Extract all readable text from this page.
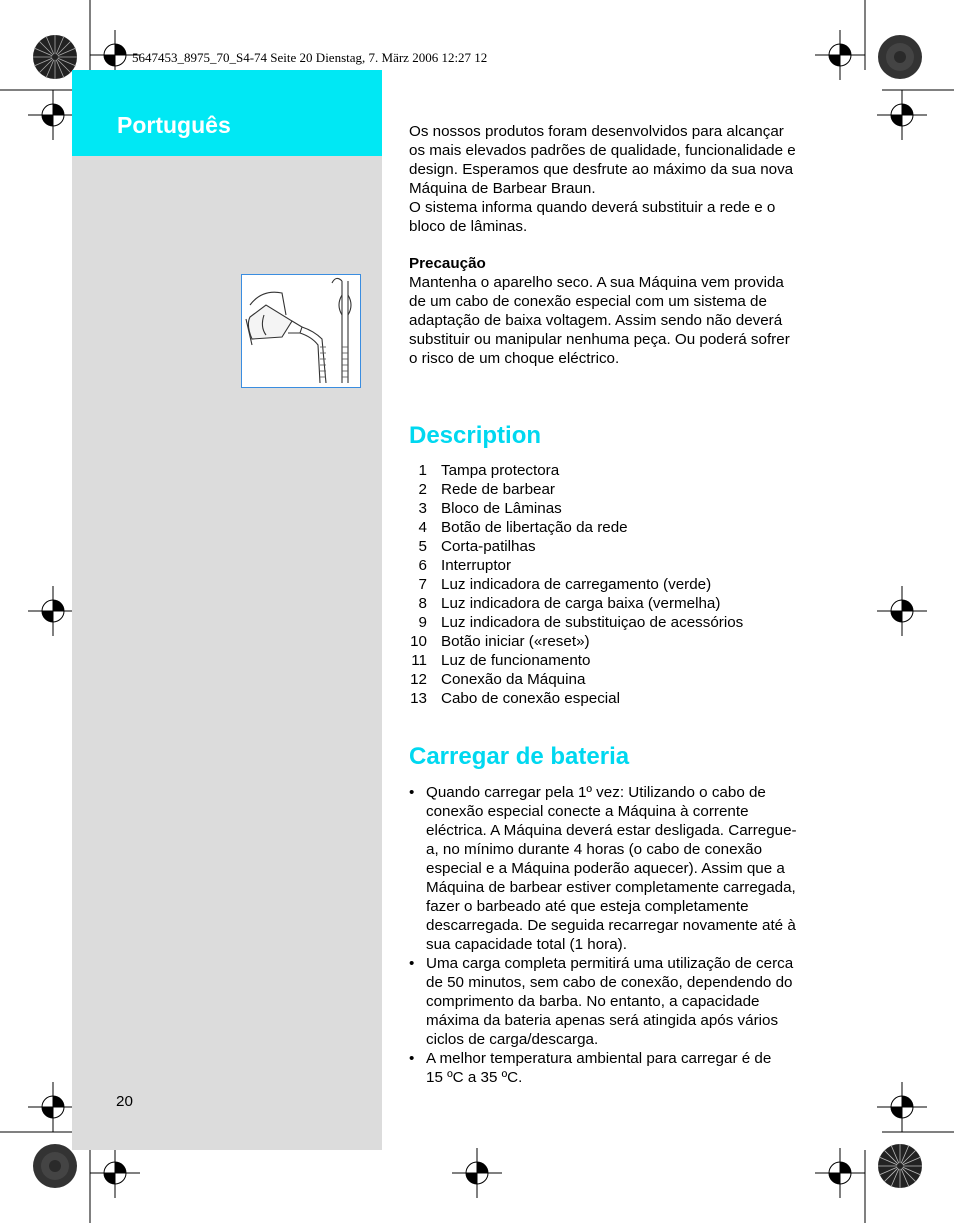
5647453_8975_70_S4-74 Seite 20 Dienstag, 7. März 2006 12:27 12
Português	Os nossos produtos foram desenvolvidos para alcançar
os mais elevados padrões de qualidade, funcionalidade e
design. Esperamos que desfrute ao máximo da sua nova
Máquina de Barbear Braun.
O sistema informa quando deverá substituir a rede e o
bloco de lâminas.
Precaução
Mantenha o aparelho seco. A sua Máquina vem provida
de um cabo de conexão especial com um sistema de
adaptação de baixa voltagem. Assim sendo não deverá
substituir ou manipular nenhuma peça. Ou poderá sofrer
o risco de um choque eléctrico.
Description
1 Tampa protectora
2 Rede de barbear
3 Bloco de Lâminas
4 Botão de libertação da rede
5 Corta-patilhas
6 Interruptor
7 Luz indicadora de carregamento (verde)
8 Luz indicadora de carga baixa (vermelha)
9 Luz indicadora de substituiçao de acessórios
10 Botão iniciar («reset»)
11 Luz de funcionamento
12 Conexão da Máquina
13 Cabo de conexão especial
Carregar de bateria
• Quando carregar pela 1º vez: Utilizando o cabo de
conexão especial conecte a Máquina à corrente
eléctrica. A Máquina deverá estar desligada. Carregue-
a, no mínimo durante 4 horas (o cabo de conexão
especial e a Máquina poderão aquecer). Assim que a
Máquina de barbear estiver completamente carregada,
fazer o barbeado até que esteja completamente
descarregada. De seguida recarregar novamente até à
sua capacidade total (1 hora).
• Uma carga completa permitirá uma utilização de cerca
de 50 minutos, sem cabo de conexão, dependendo do
comprimento da barba. No entanto, a capacidade
máxima da bateria apenas será atingida após vários
ciclos de carga/descarga.
• A melhor temperatura ambiental para carregar é de
15 ºC a 35 ºC.
20
